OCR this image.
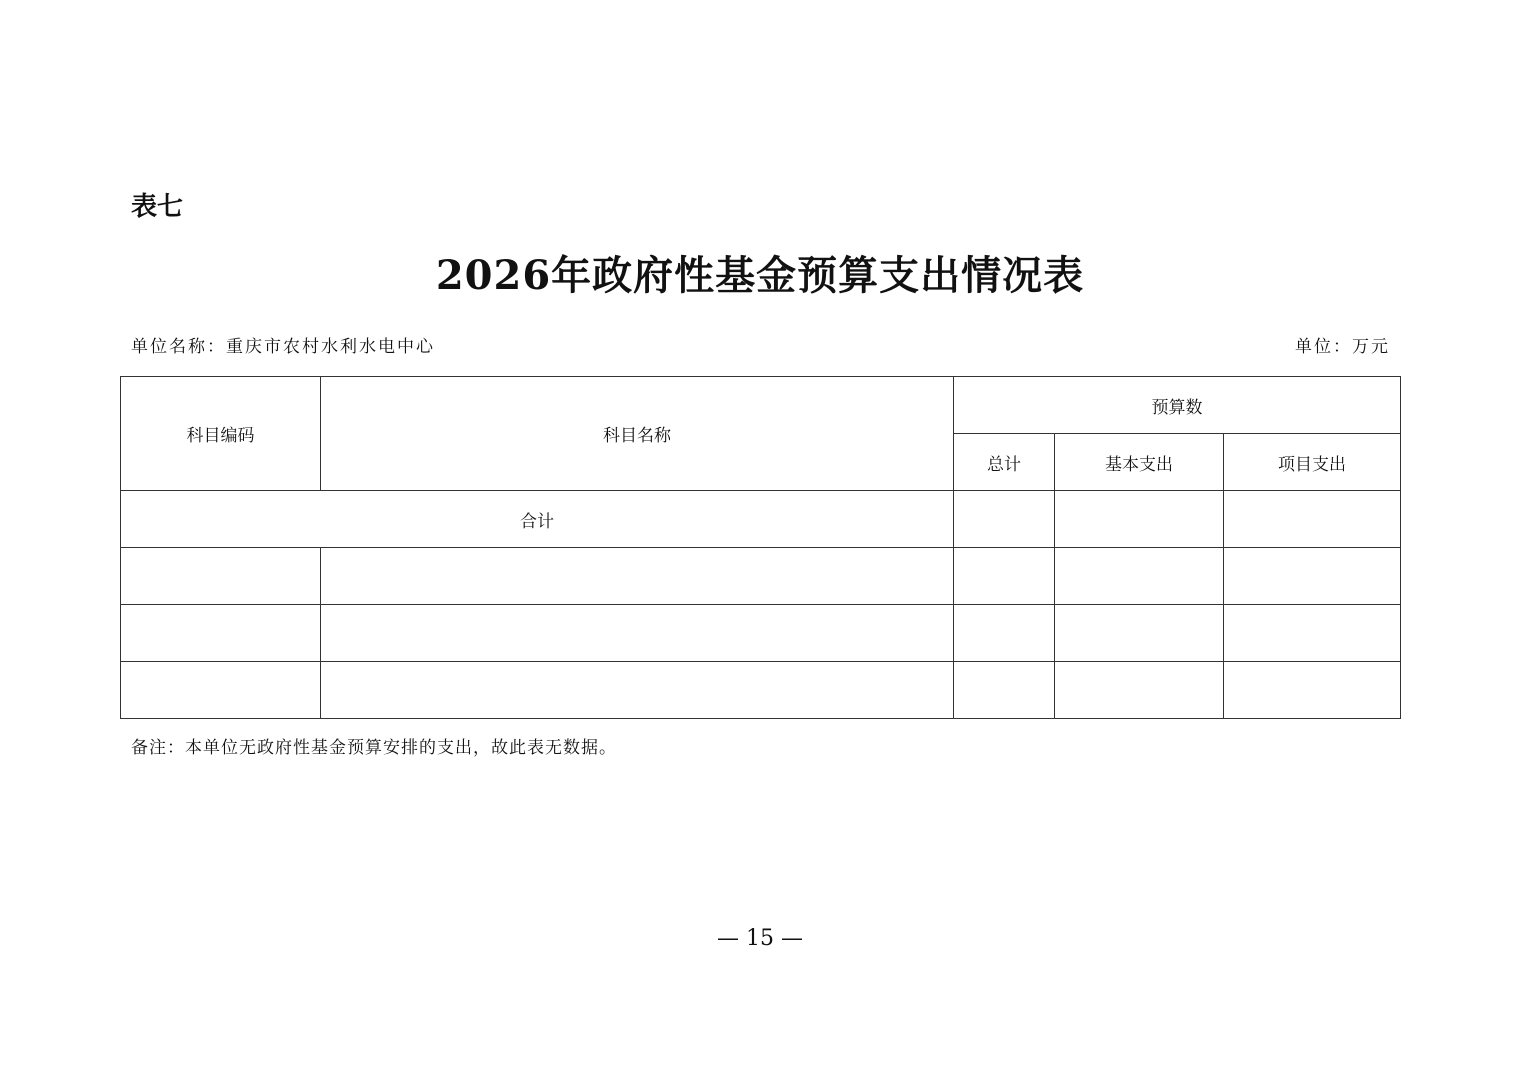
表七
2026年政府性基金预算支出情况表
单位名称：重庆市农村水利水电中心	单位：万元
科目编码	科目名称	预算数		
		总计	基本支出	项目支出
合计				

备注：本单位无政府性基金预算安排的支出，故此表无数据。
— 15 —
